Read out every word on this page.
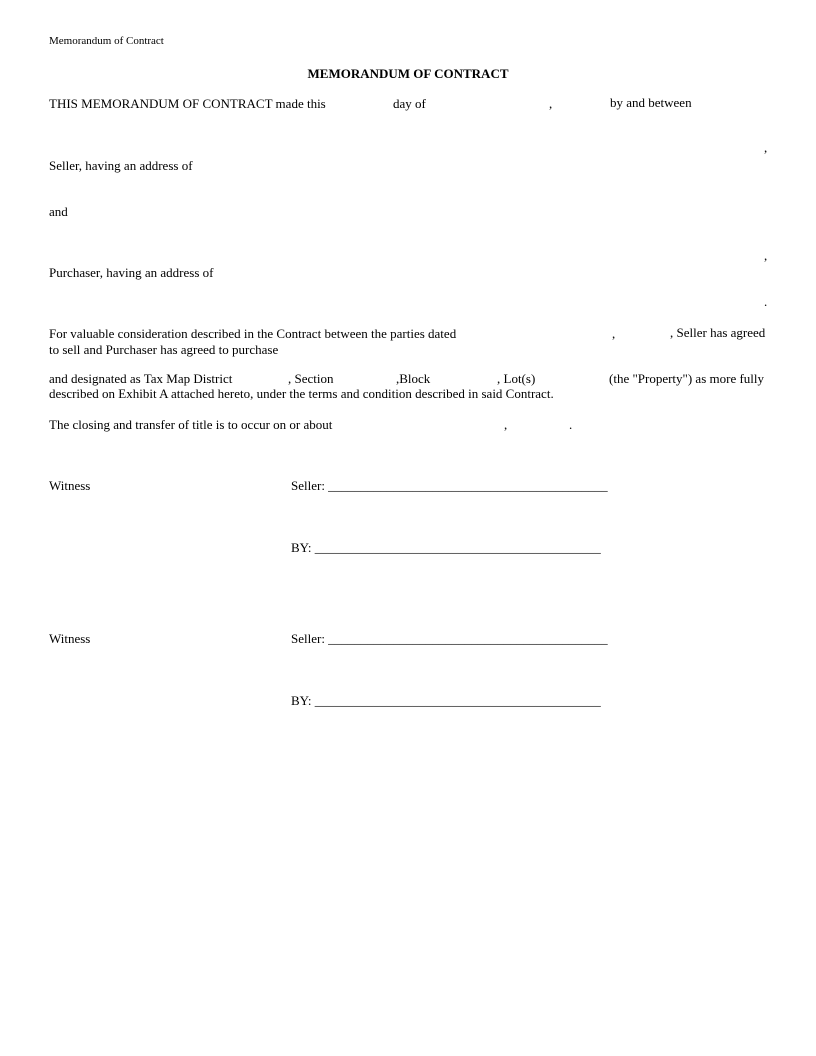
Memorandum of Contract
MEMORANDUM OF CONTRACT
THIS MEMORANDUM OF CONTRACT made this	day of	,	by and between
,
Seller, having an address of
and
,
Purchaser, having an address of
.
For valuable consideration described in the Contract between the parties dated	,	, Seller has agreed
to sell and Purchaser has agreed to purchase
and designated as Tax Map District	, Section	,Block	, Lot(s)	(the "Property") as more fully
described on Exhibit A attached hereto, under the terms and condition described in said Contract.
The closing and transfer of title is to occur on or about	,	.
Witness	Seller: ___________________________________________
BY: ____________________________________________
Witness	Seller: ___________________________________________
BY: ____________________________________________
